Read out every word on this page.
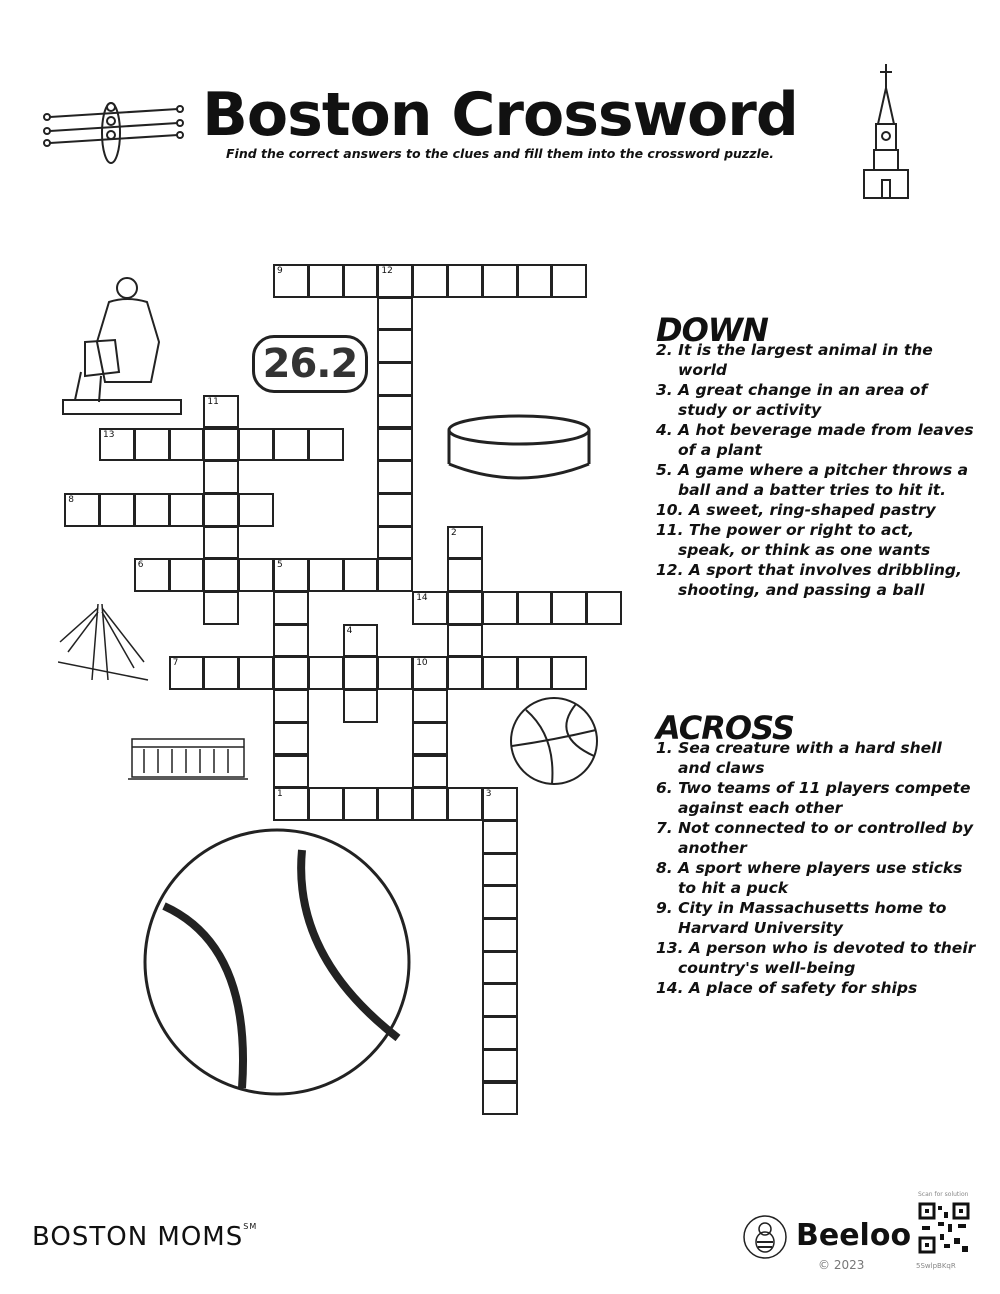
Boston Crossword
Find the correct answers to the clues and fill them into the crossword puzzle.
26.2
9	12
11
13
8
6	5
2
1
14
4
7	10
3
DOWN

2. It is the largest animal in the world

3. A great change in an area of study or activity

4. A hot beverage made from leaves of a plant

5. A game where a pitcher throws a ball and a batter tries to hit it.

10. A sweet, ring-shaped pastry

11. The power or right to act, speak, or think as one wants

12. A sport that involves dribbling, shooting, and passing a ball

ACROSS

1. Sea creature with a hard shell and claws

6. Two teams of 11 players compete against each other

7. Not connected to or controlled by another

8. A sport where players use sticks to hit a puck

9. City in Massachusetts home to Harvard University

13. A person who is devoted to their country's well-being

14. A place of safety for ships

BOSTON MOMS℠	Beeloo
© 2023
Scan for solution
5SwlpBKqR
